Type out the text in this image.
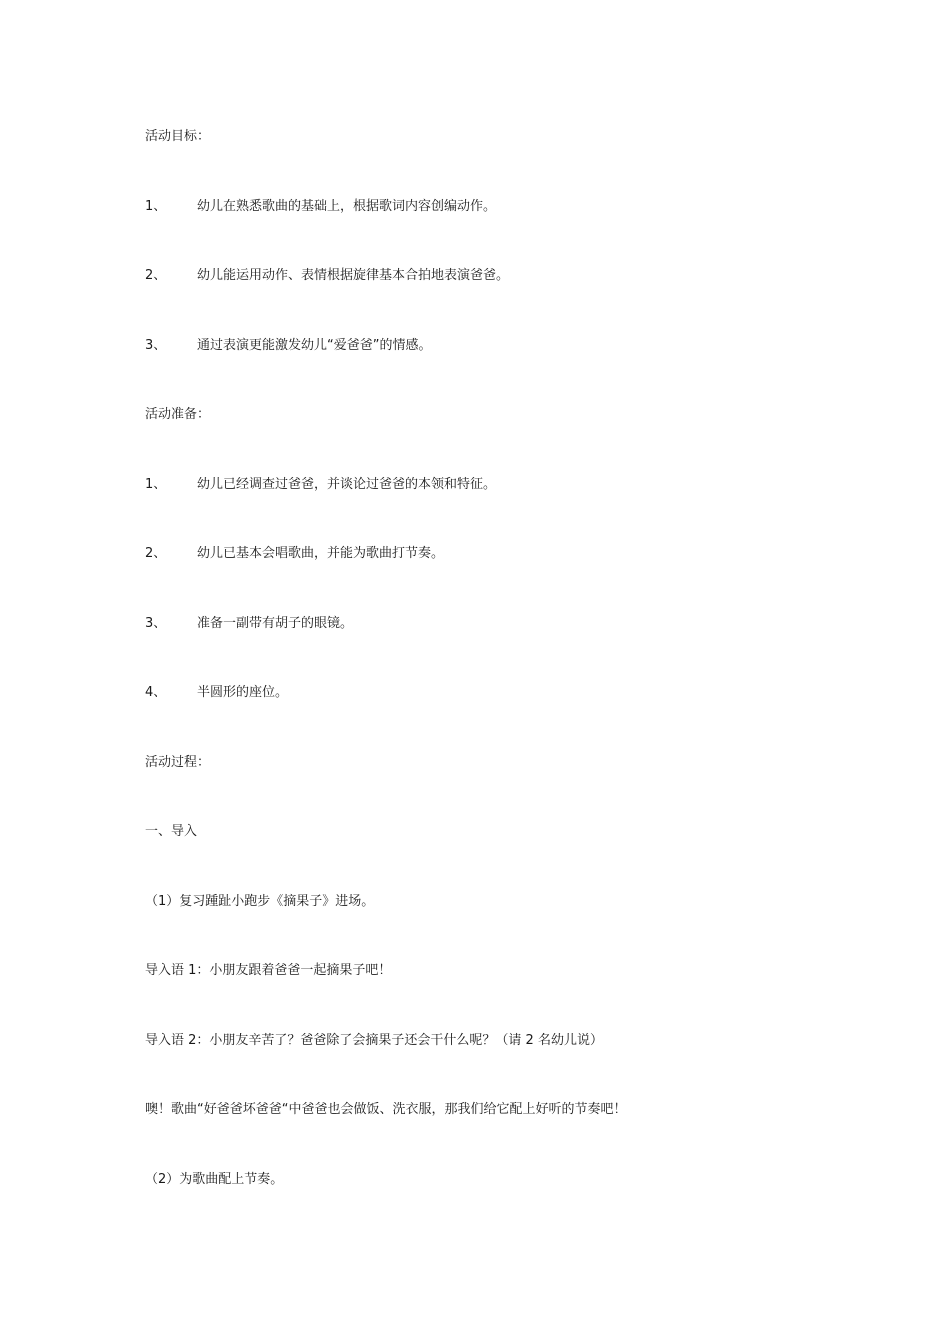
活动目标：
1、 幼儿在熟悉歌曲的基础上，根据歌词内容创编动作。
2、 幼儿能运用动作、表情根据旋律基本合拍地表演爸爸。
3、 通过表演更能激发幼儿“爱爸爸”的情感。
活动准备：
1、 幼儿已经调查过爸爸，并谈论过爸爸的本领和特征。
2、 幼儿已基本会唱歌曲，并能为歌曲打节奏。
3、 准备一副带有胡子的眼镜。
4、 半圆形的座位。
活动过程：
一、导入
（1）复习踵趾小跑步《摘果子》进场。
导入语 1：小朋友跟着爸爸一起摘果子吧！
导入语 2：小朋友辛苦了？爸爸除了会摘果子还会干什么呢？（请 2 名幼儿说）
噢！歌曲“好爸爸坏爸爸“中爸爸也会做饭、洗衣服，那我们给它配上好听的节奏吧！
（2）为歌曲配上节奏。
